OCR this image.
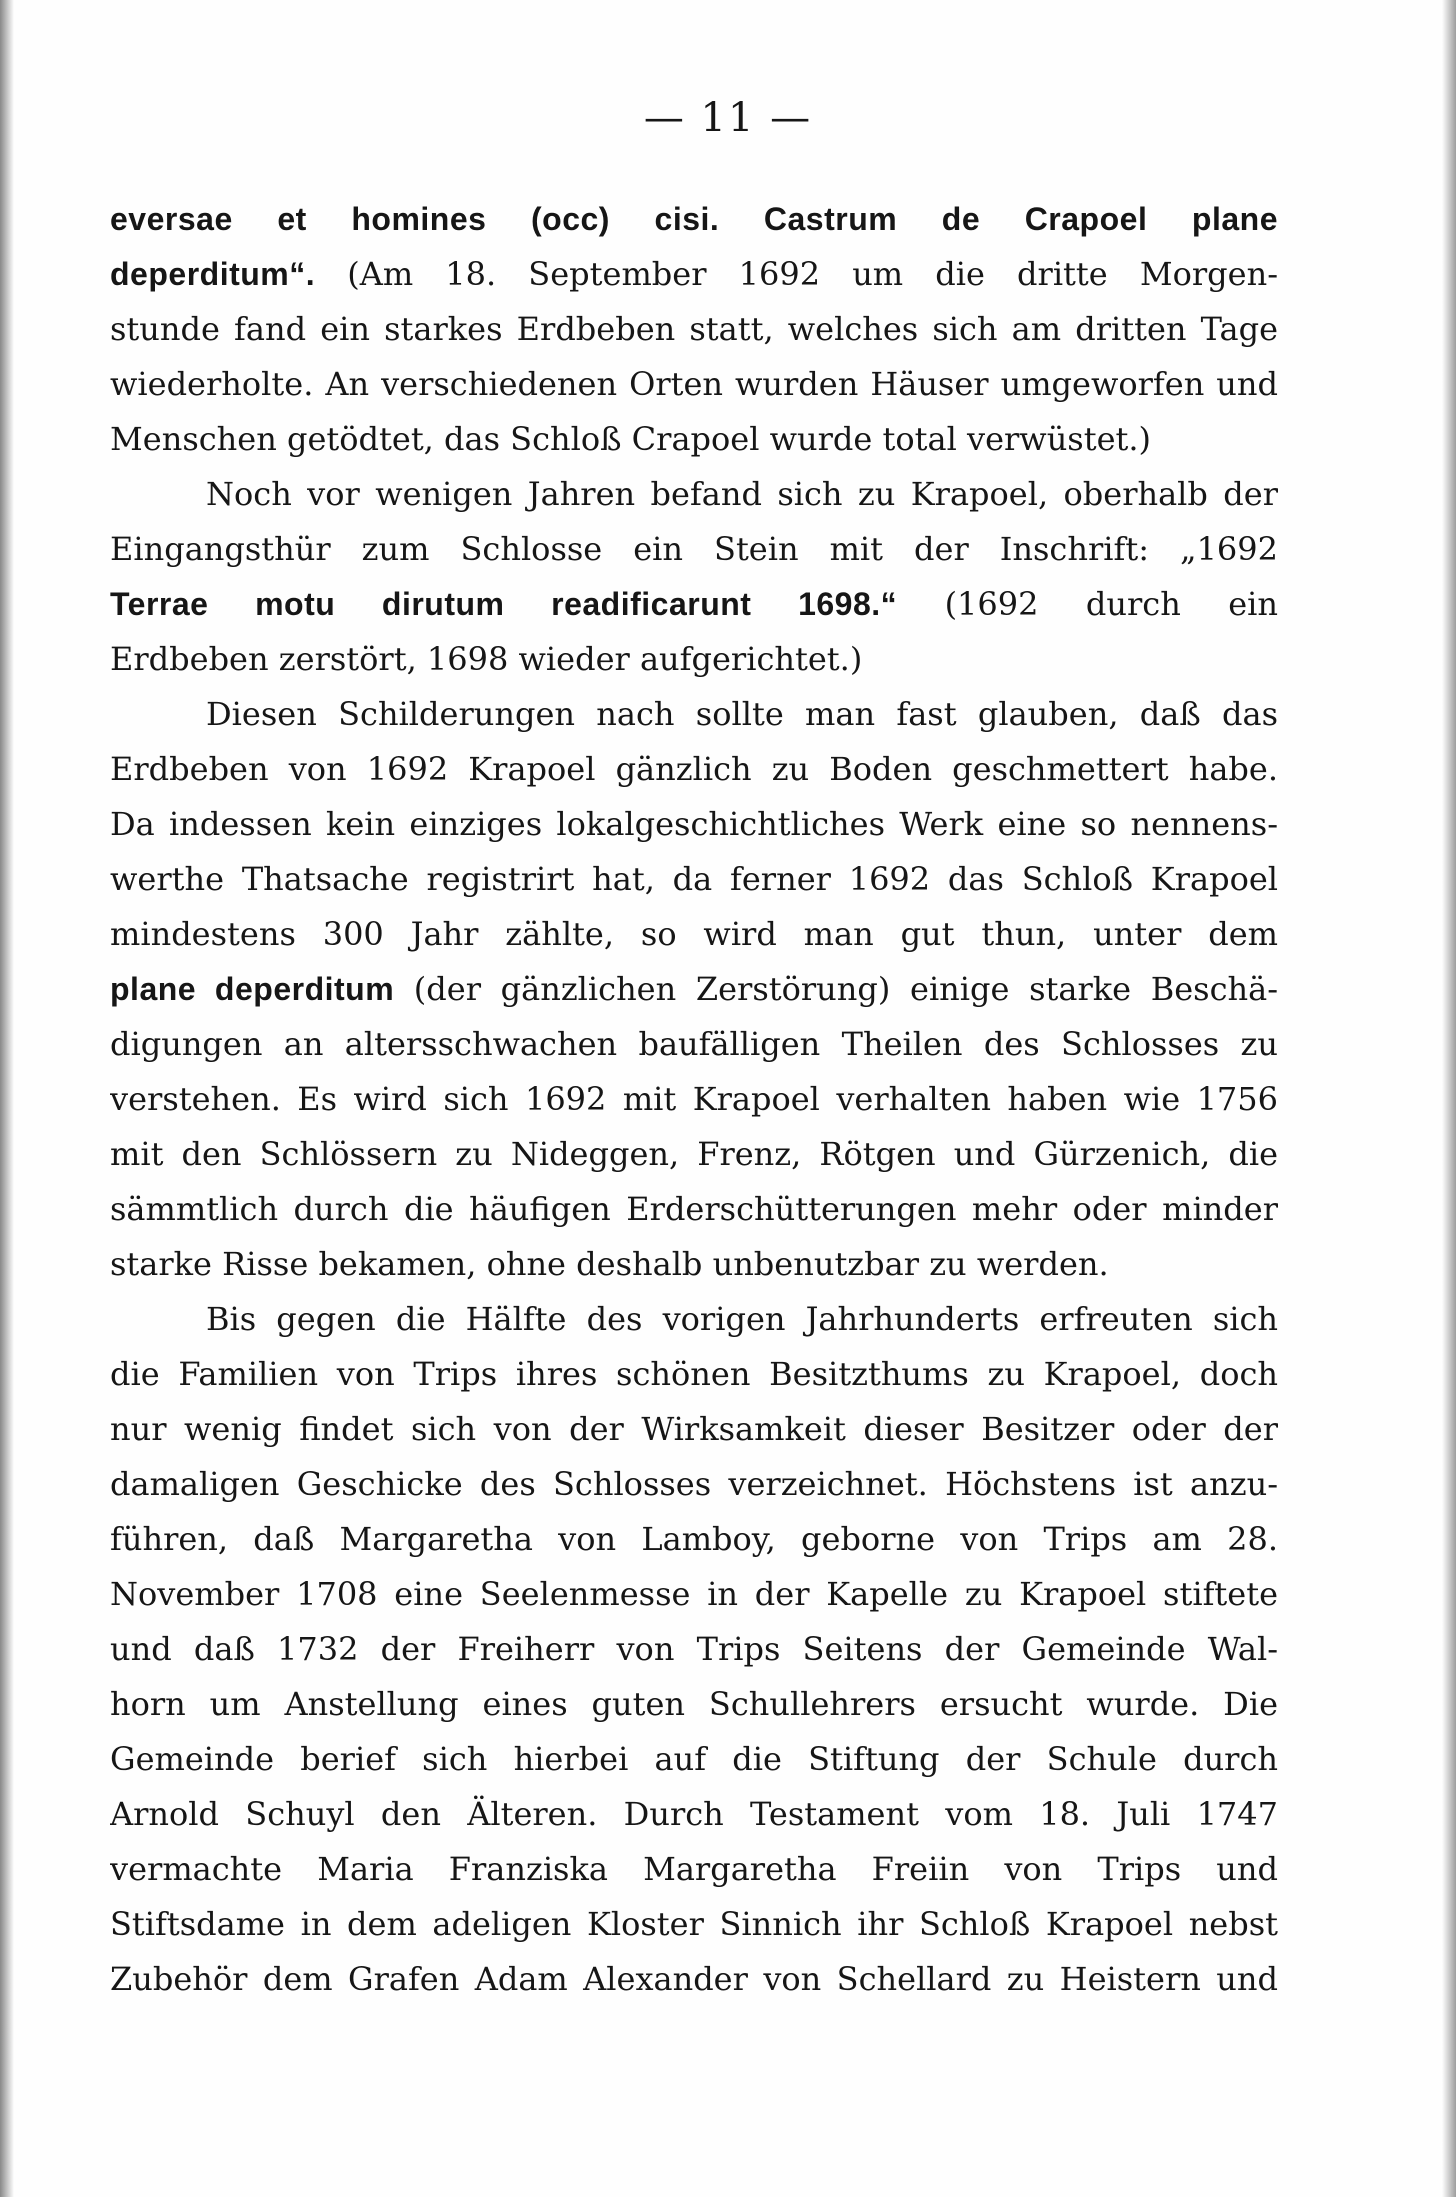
— 11 —
eversae et homines (occ) cisi. Castrum de Crapoel plane
deperditum“. (Am 18. September 1692 um die dritte Morgen-
stunde fand ein starkes Erdbeben statt, welches sich am dritten Tage
wiederholte. An verschiedenen Orten wurden Häuser umgeworfen und
Menschen getödtet, das Schloß Crapoel wurde total verwüstet.)
Noch vor wenigen Jahren befand sich zu Krapoel, oberhalb der
Eingangsthür zum Schlosse ein Stein mit der Inschrift: „1692
Terrae motu dirutum readificarunt 1698.“ (1692 durch ein
Erdbeben zerstört, 1698 wieder aufgerichtet.)
Diesen Schilderungen nach sollte man fast glauben, daß das
Erdbeben von 1692 Krapoel gänzlich zu Boden geschmettert habe.
Da indessen kein einziges lokalgeschichtliches Werk eine so nennens-
werthe Thatsache registrirt hat, da ferner 1692 das Schloß Krapoel
mindestens 300 Jahr zählte, so wird man gut thun, unter dem
plane deperditum (der gänzlichen Zerstörung) einige starke Beschä-
digungen an altersschwachen baufälligen Theilen des Schlosses zu
verstehen. Es wird sich 1692 mit Krapoel verhalten haben wie 1756
mit den Schlössern zu Nideggen, Frenz, Rötgen und Gürzenich, die
sämmtlich durch die häufigen Erderschütterungen mehr oder minder
starke Risse bekamen, ohne deshalb unbenutzbar zu werden.
Bis gegen die Hälfte des vorigen Jahrhunderts erfreuten sich
die Familien von Trips ihres schönen Besitzthums zu Krapoel, doch
nur wenig findet sich von der Wirksamkeit dieser Besitzer oder der
damaligen Geschicke des Schlosses verzeichnet. Höchstens ist anzu-
führen, daß Margaretha von Lamboy, geborne von Trips am 28.
November 1708 eine Seelenmesse in der Kapelle zu Krapoel stiftete
und daß 1732 der Freiherr von Trips Seitens der Gemeinde Wal-
horn um Anstellung eines guten Schullehrers ersucht wurde. Die
Gemeinde berief sich hierbei auf die Stiftung der Schule durch
Arnold Schuyl den Älteren. Durch Testament vom 18. Juli 1747
vermachte Maria Franziska Margaretha Freiin von Trips und
Stiftsdame in dem adeligen Kloster Sinnich ihr Schloß Krapoel nebst
Zubehör dem Grafen Adam Alexander von Schellard zu Heistern und
